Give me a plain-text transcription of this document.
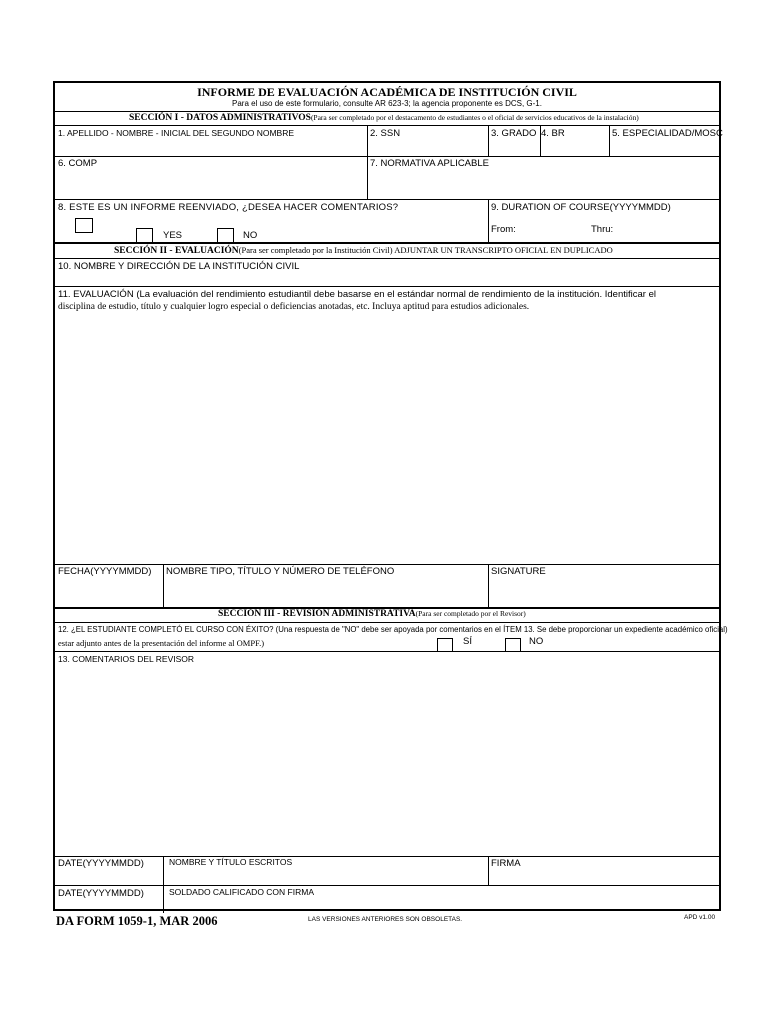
INFORME DE EVALUACIÓN ACADÉMICA DE INSTITUCIÓN CIVIL
Para el uso de este formulario, consulte AR 623-3; la agencia proponente es DCS, G-1.
SECCIÓN I - DATOS ADMINISTRATIVOS(Para ser completado por el destacamento de estudiantes o el oficial de servicios educativos de la instalación)
1. APELLIDO - NOMBRE - INICIAL DEL SEGUNDO NOMBRE	2. SSN	3. GRADO 4. BR	5. ESPECIALIDAD/MOSC
6. COMP	7. NORMATIVA APLICABLE
8. ESTE ES UN INFORME REENVIADO, ¿DESEA HACER COMENTARIOS?
YES	NO
9. DURATION OF COURSE(YYYYMMDD)
From:	Thru:
SECCIÓN II - EVALUACIÓN(Para ser completado por la Institución Civil) ADJUNTAR UN TRANSCRIPTO OFICIAL EN DUPLICADO
10. NOMBRE Y DIRECCIÓN DE LA INSTITUCIÓN CIVIL
11. EVALUACIÓN (La evaluación del rendimiento estudiantil debe basarse en el estándar normal de rendimiento de la institución. Identificar el
disciplina de estudio, título y cualquier logro especial o deficiencias anotadas, etc. Incluya aptitud para estudios adicionales.
FECHA(YYYYMMDD) NOMBRE TIPO, TÍTULO Y NÚMERO DE TELÉFONO	SIGNATURE
SECCIÓN III - REVISIÓN ADMINISTRATIVA(Para ser completado por el Revisor)
12. ¿EL ESTUDIANTE COMPLETÓ EL CURSO CON ÉXITO? (Una respuesta de "NO" debe ser apoyada por comentarios en el ÍTEM 13. Se debe proporcionar un expediente académico oficial)
estar adjunto antes de la presentación del informe al OMPF.)	SÍ	NO
13. COMENTARIOS DEL REVISOR
DATE(YYYYMMDD)	NOMBRE Y TÍTULO ESCRITOS	FIRMA
DATE(YYYYMMDD)	SOLDADO CALIFICADO CON FIRMA
DA FORM 1059-1, MAR 2006	LAS VERSIONES ANTERIORES SON OBSOLETAS.	APD v1.00
